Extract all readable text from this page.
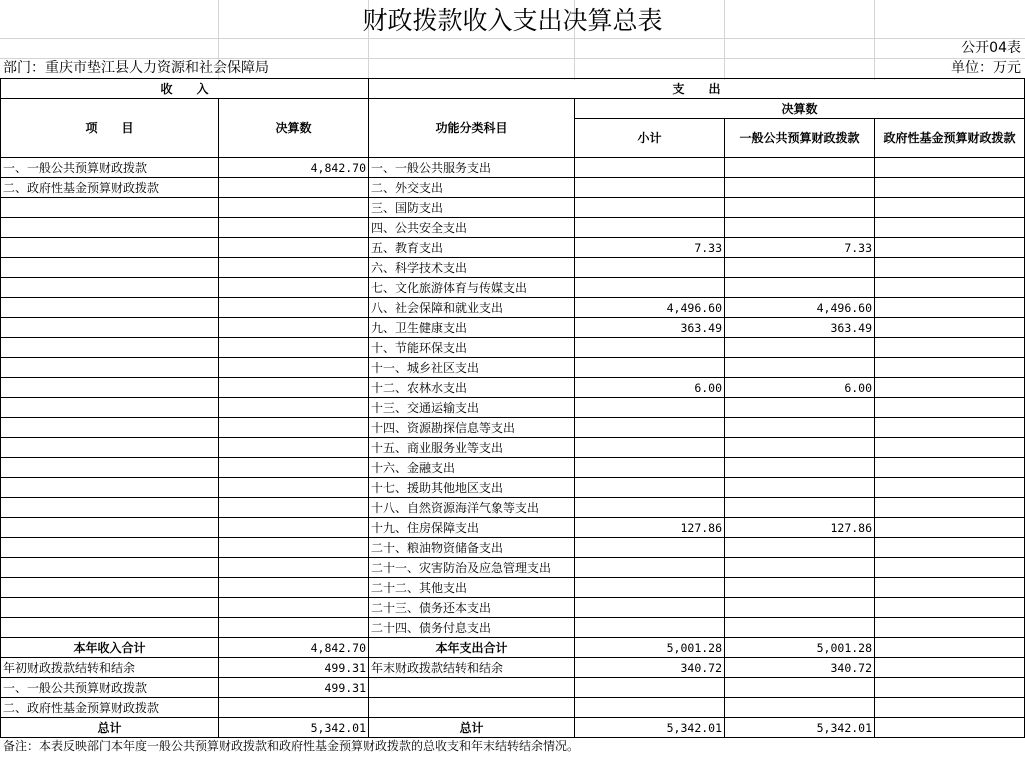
财政拨款收入支出决算总表
公开04表
部门：重庆市垫江县人力资源和社会保障局	单位：万元
收　　入		支　　出			
项　　目	决算数	功能分类科目	决算数		
			小计	一般公共预算财政拨款	政府性基金预算财政拨款
一、一般公共预算财政拨款	4,842.70	一、一般公共服务支出			
二、政府性基金预算财政拨款		二、外交支出			
		三、国防支出			
		四、公共安全支出			
		五、教育支出	7.33	7.33	
		六、科学技术支出			
		七、文化旅游体育与传媒支出			
		八、社会保障和就业支出	4,496.60	4,496.60	
		九、卫生健康支出	363.49	363.49	
		十、节能环保支出			
		十一、城乡社区支出			
		十二、农林水支出	6.00	6.00	
		十三、交通运输支出			
		十四、资源勘探信息等支出			
		十五、商业服务业等支出			
		十六、金融支出			
		十七、援助其他地区支出			
		十八、自然资源海洋气象等支出			
		十九、住房保障支出	127.86	127.86	
		二十、粮油物资储备支出			
		二十一、灾害防治及应急管理支出			
		二十二、其他支出			
		二十三、债务还本支出			
		二十四、债务付息支出			
本年收入合计	4,842.70	本年支出合计	5,001.28	5,001.28	
年初财政拨款结转和结余	499.31	年末财政拨款结转和结余	340.72	340.72	
一、一般公共预算财政拨款	499.31				
二、政府性基金预算财政拨款					
总计	5,342.01	总计	5,342.01	5,342.01	
备注：本表反映部门本年度一般公共预算财政拨款和政府性基金预算财政拨款的总收支和年末结转结余情况。
